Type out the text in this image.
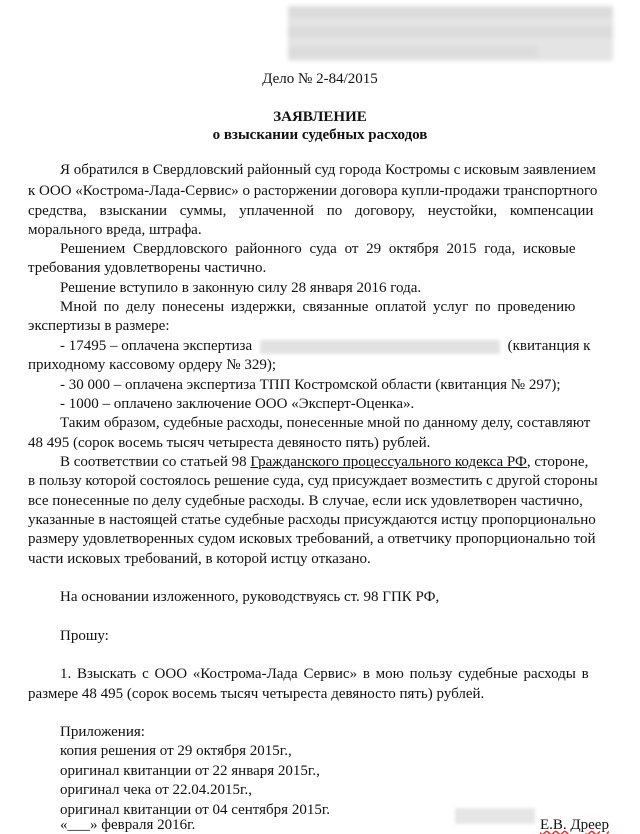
Дело № 2-84/2015
ЗАЯВЛЕНИЕ
о взыскании судебных расходов
Я обратился в Свердловский районный суд города Костромы с исковым заявлением
к ООО «Кострома-Лада-Сервис» о расторжении договора купли-продажи транспортного
средства, взыскании суммы, уплаченной по договору, неустойки, компенсации
морального вреда, штрафа.
Решением Свердловского районного суда от 29 октября 2015 года, исковые
требования удовлетворены частично.
Решение вступило в законную силу 28 января 2016 года.
Мной по делу понесены издержки, связанные оплатой услуг по проведению
экспертизы в размере:
- 17495 – оплачена экспертиза	(квитанция к
приходному кассовому ордеру № 329);
- 30 000 – оплачена экспертиза ТПП Костромской области (квитанция № 297);
- 1000 – оплачено заключение ООО «Эксперт-Оценка».
Таким образом, судебные расходы, понесенные мной по данному делу, составляют
48 495 (сорок восемь тысяч четыреста девяносто пять) рублей.
В соответствии со статьей 98 Гражданского процессуального кодекса РФ, стороне,
в пользу которой состоялось решение суда, суд присуждает возместить с другой стороны
все понесенные по делу судебные расходы. В случае, если иск удовлетворен частично,
указанные в настоящей статье судебные расходы присуждаются истцу пропорционально
размеру удовлетворенных судом исковых требований, а ответчику пропорционально той
части исковых требований, в которой истцу отказано.
На основании изложенного, руководствуясь ст. 98 ГПК РФ,
Прошу:
1. Взыскать с ООО «Кострома-Лада Сервис» в мою пользу судебные расходы в
размере 48 495 (сорок восемь тысяч четыреста девяносто пять) рублей.
Приложения:
копия решения от 29 октября 2015г.,
оригинал квитанции от 22 января 2015г.,
оригинал чека от 22.04.2015г.,
оригинал квитанции от 04 сентября 2015г.
«___» февраля 2016г.	Е.В. Дреер
